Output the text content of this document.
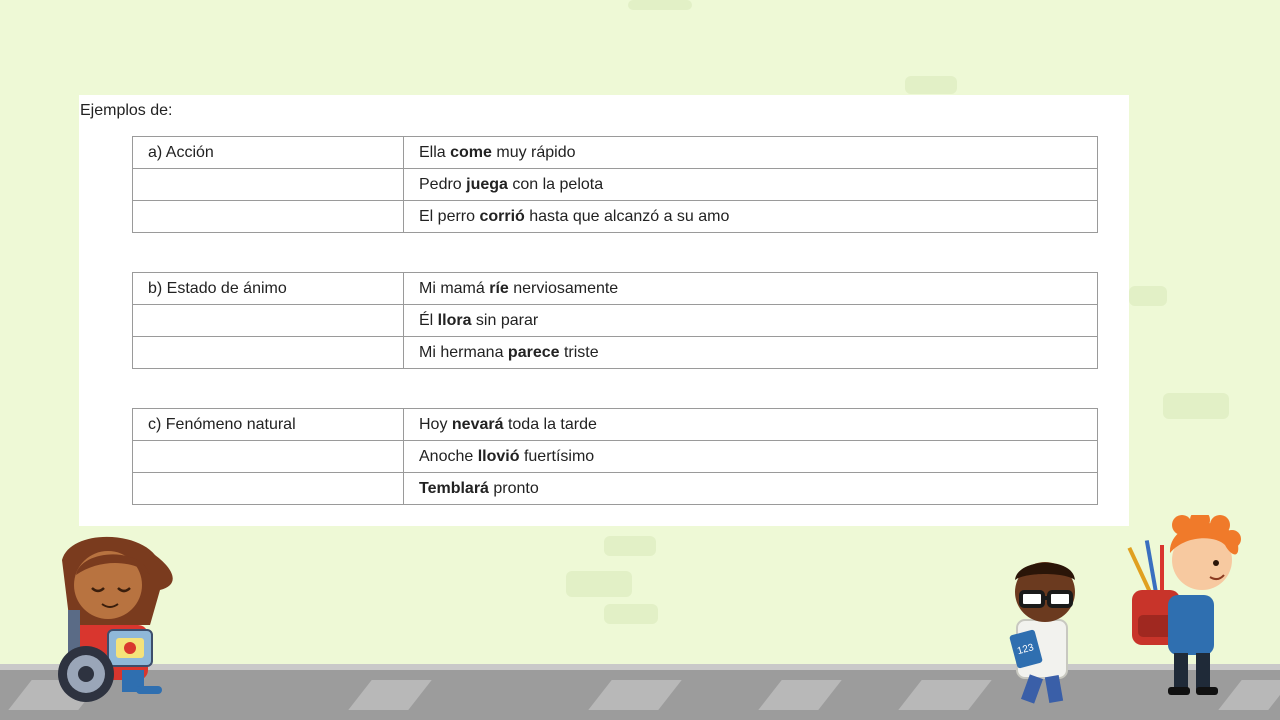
Ejemplos de:
a) Acción	Ella come muy rápido
	Pedro juega con la pelota
	El perro corrió hasta que alcanzó a su amo
b) Estado de ánimo	Mi mamá ríe nerviosamente
	Él llora sin parar
	Mi hermana parece triste
c) Fenómeno natural	Hoy nevará toda la tarde
	Anoche llovió fuertísimo
	Temblará pronto
123
